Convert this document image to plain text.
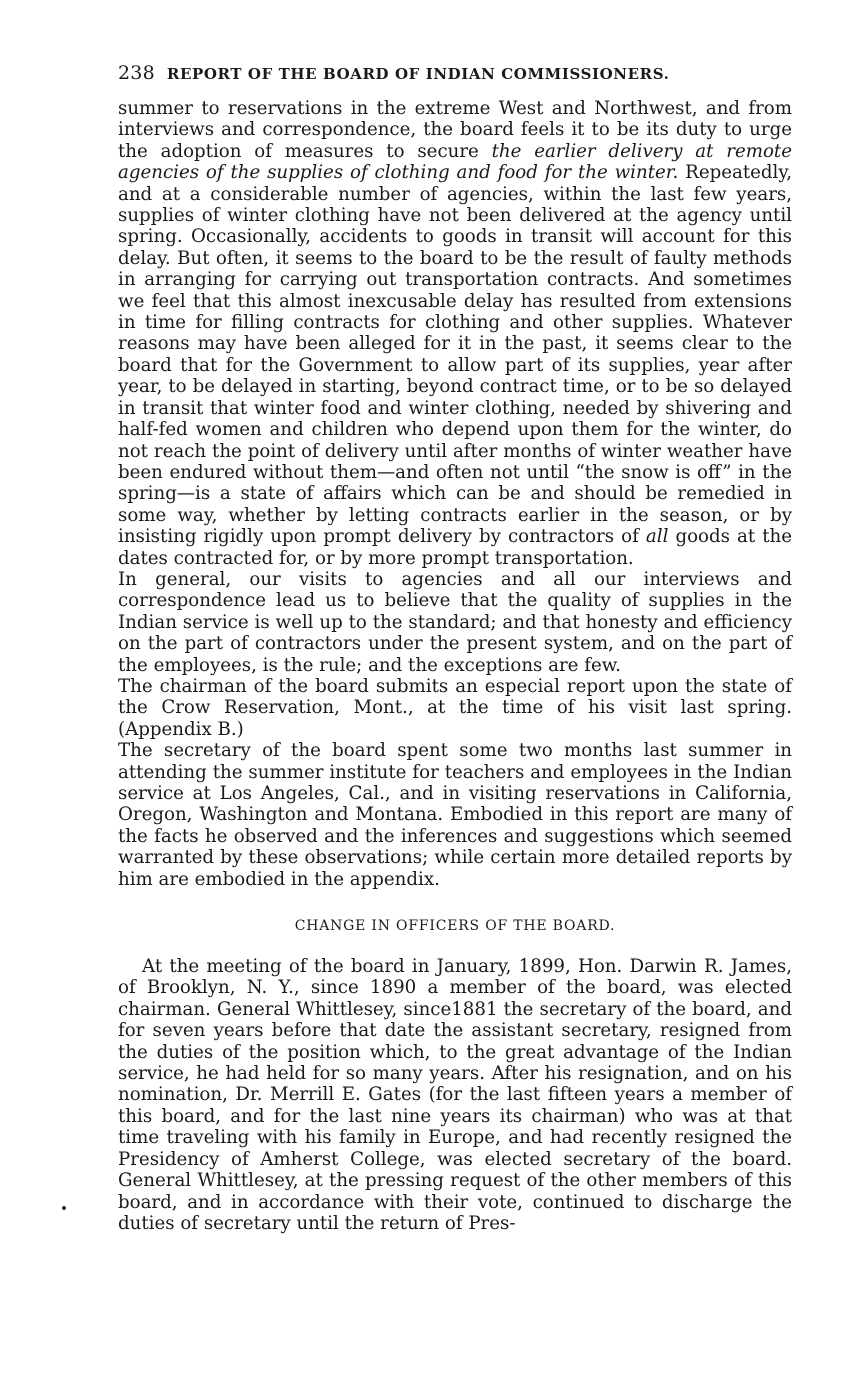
238 REPORT OF THE BOARD OF INDIAN COMMISSIONERS.

summer to reservations in the extreme West and Northwest, and from interviews and correspondence, the board feels it to be its duty to urge the adoption of measures to secure the earlier delivery at remote agencies of the supplies of clothing and food for the winter. Repeatedly, and at a considerable number of agencies, within the last few years, supplies of winter clothing have not been delivered at the agency until spring. Occasionally, accidents to goods in transit will account for this delay. But often, it seems to the board to be the result of faulty methods in arranging for carrying out transportation contracts. And sometimes we feel that this almost inexcusable delay has resulted from extensions in time for filling contracts for clothing and other supplies. Whatever reasons may have been alleged for it in the past, it seems clear to the board that for the Government to allow part of its supplies, year after year, to be delayed in starting, beyond contract time, or to be so delayed in transit that winter food and winter clothing, needed by shivering and half-fed women and children who depend upon them for the winter, do not reach the point of delivery until after months of winter weather have been endured without them—and often not until “the snow is off” in the spring—is a state of affairs which can be and should be remedied in some way, whether by letting contracts earlier in the season, or by insisting rigidly upon prompt delivery by contractors of all goods at the dates contracted for, or by more prompt transportation.

In general, our visits to agencies and all our interviews and correspondence lead us to believe that the quality of supplies in the Indian service is well up to the standard; and that honesty and efficiency on the part of contractors under the present system, and on the part of the employees, is the rule; and the exceptions are few.

The chairman of the board submits an especial report upon the state of the Crow Reservation, Mont., at the time of his visit last spring. (Appendix B.)

The secretary of the board spent some two months last summer in attending the summer institute for teachers and employees in the Indian service at Los Angeles, Cal., and in visiting reservations in California, Oregon, Washington and Montana. Embodied in this report are many of the facts he observed and the inferences and suggestions which seemed warranted by these observations; while certain more detailed reports by him are embodied in the appendix.

CHANGE IN OFFICERS OF THE BOARD.

At the meeting of the board in January, 1899, Hon. Darwin R. James, of Brooklyn, N. Y., since 1890 a member of the board, was elected chairman. General Whittlesey, since1881 the secretary of the board, and for seven years before that date the assistant secretary, resigned from the duties of the position which, to the great advantage of the Indian service, he had held for so many years. After his resignation, and on his nomination, Dr. Merrill E. Gates (for the last fifteen years a member of this board, and for the last nine years its chairman) who was at that time traveling with his family in Europe, and had recently resigned the Presidency of Amherst College, was elected secretary of the board. General Whittlesey, at the pressing request of the other members of this board, and in accordance with their vote, continued to discharge the duties of secretary until the return of Pres-
